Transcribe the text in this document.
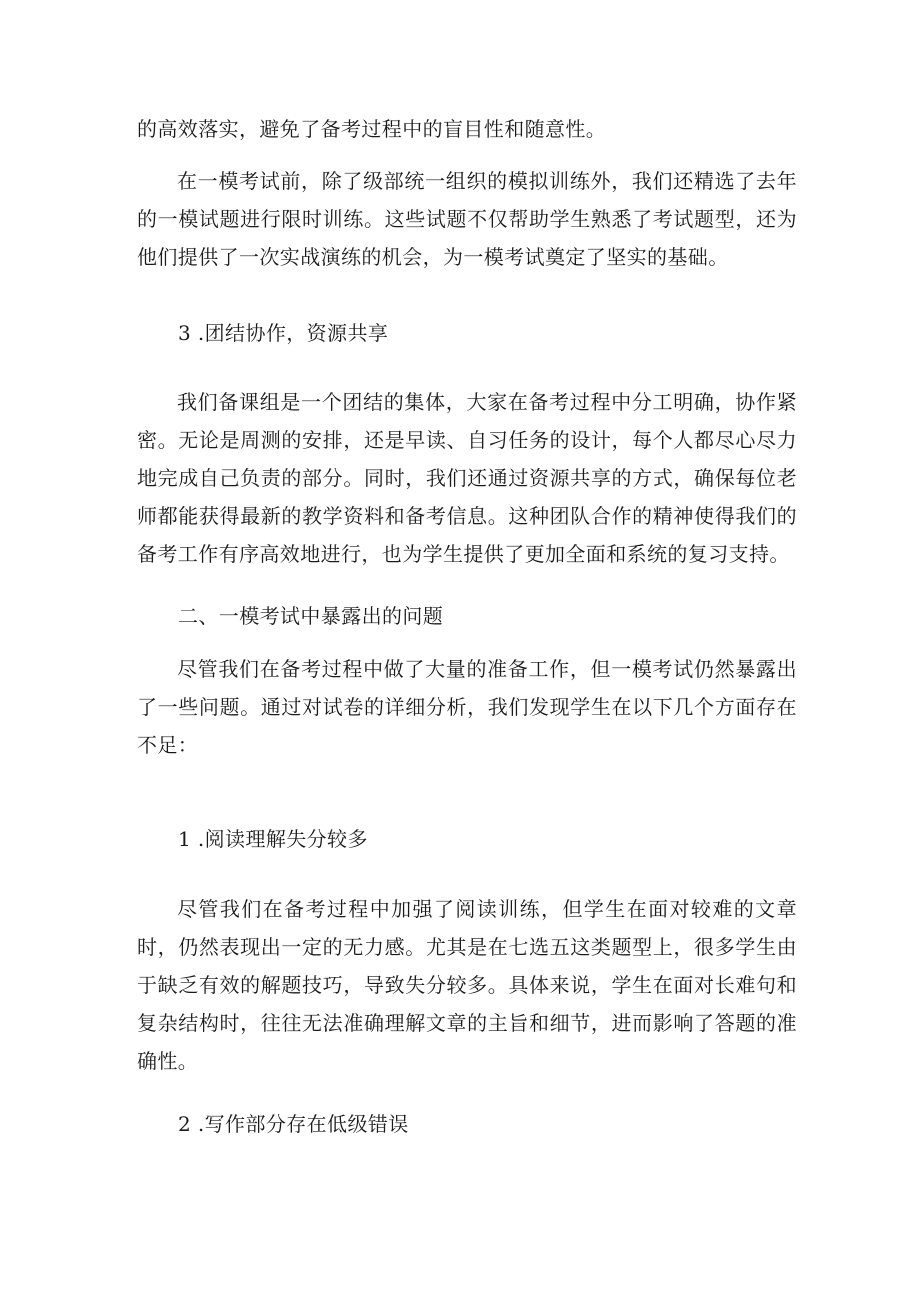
的高效落实，避免了备考过程中的盲目性和随意性。

在一模考试前，除了级部统一组织的模拟训练外，我们还精选了去年的一模试题进行限时训练。这些试题不仅帮助学生熟悉了考试题型，还为他们提供了一次实战演练的机会，为一模考试奠定了坚实的基础。

3 .团结协作，资源共享

我们备课组是一个团结的集体，大家在备考过程中分工明确，协作紧密。无论是周测的安排，还是早读、自习任务的设计，每个人都尽心尽力地完成自己负责的部分。同时，我们还通过资源共享的方式，确保每位老师都能获得最新的教学资料和备考信息。这种团队合作的精神使得我们的备考工作有序高效地进行，也为学生提供了更加全面和系统的复习支持。

二、一模考试中暴露出的问题

尽管我们在备考过程中做了大量的准备工作，但一模考试仍然暴露出了一些问题。通过对试卷的详细分析，我们发现学生在以下几个方面存在不足：

1 .阅读理解失分较多

尽管我们在备考过程中加强了阅读训练，但学生在面对较难的文章时，仍然表现出一定的无力感。尤其是在七选五这类题型上，很多学生由于缺乏有效的解题技巧，导致失分较多。具体来说，学生在面对长难句和复杂结构时，往往无法准确理解文章的主旨和细节，进而影响了答题的准确性。

2 .写作部分存在低级错误
